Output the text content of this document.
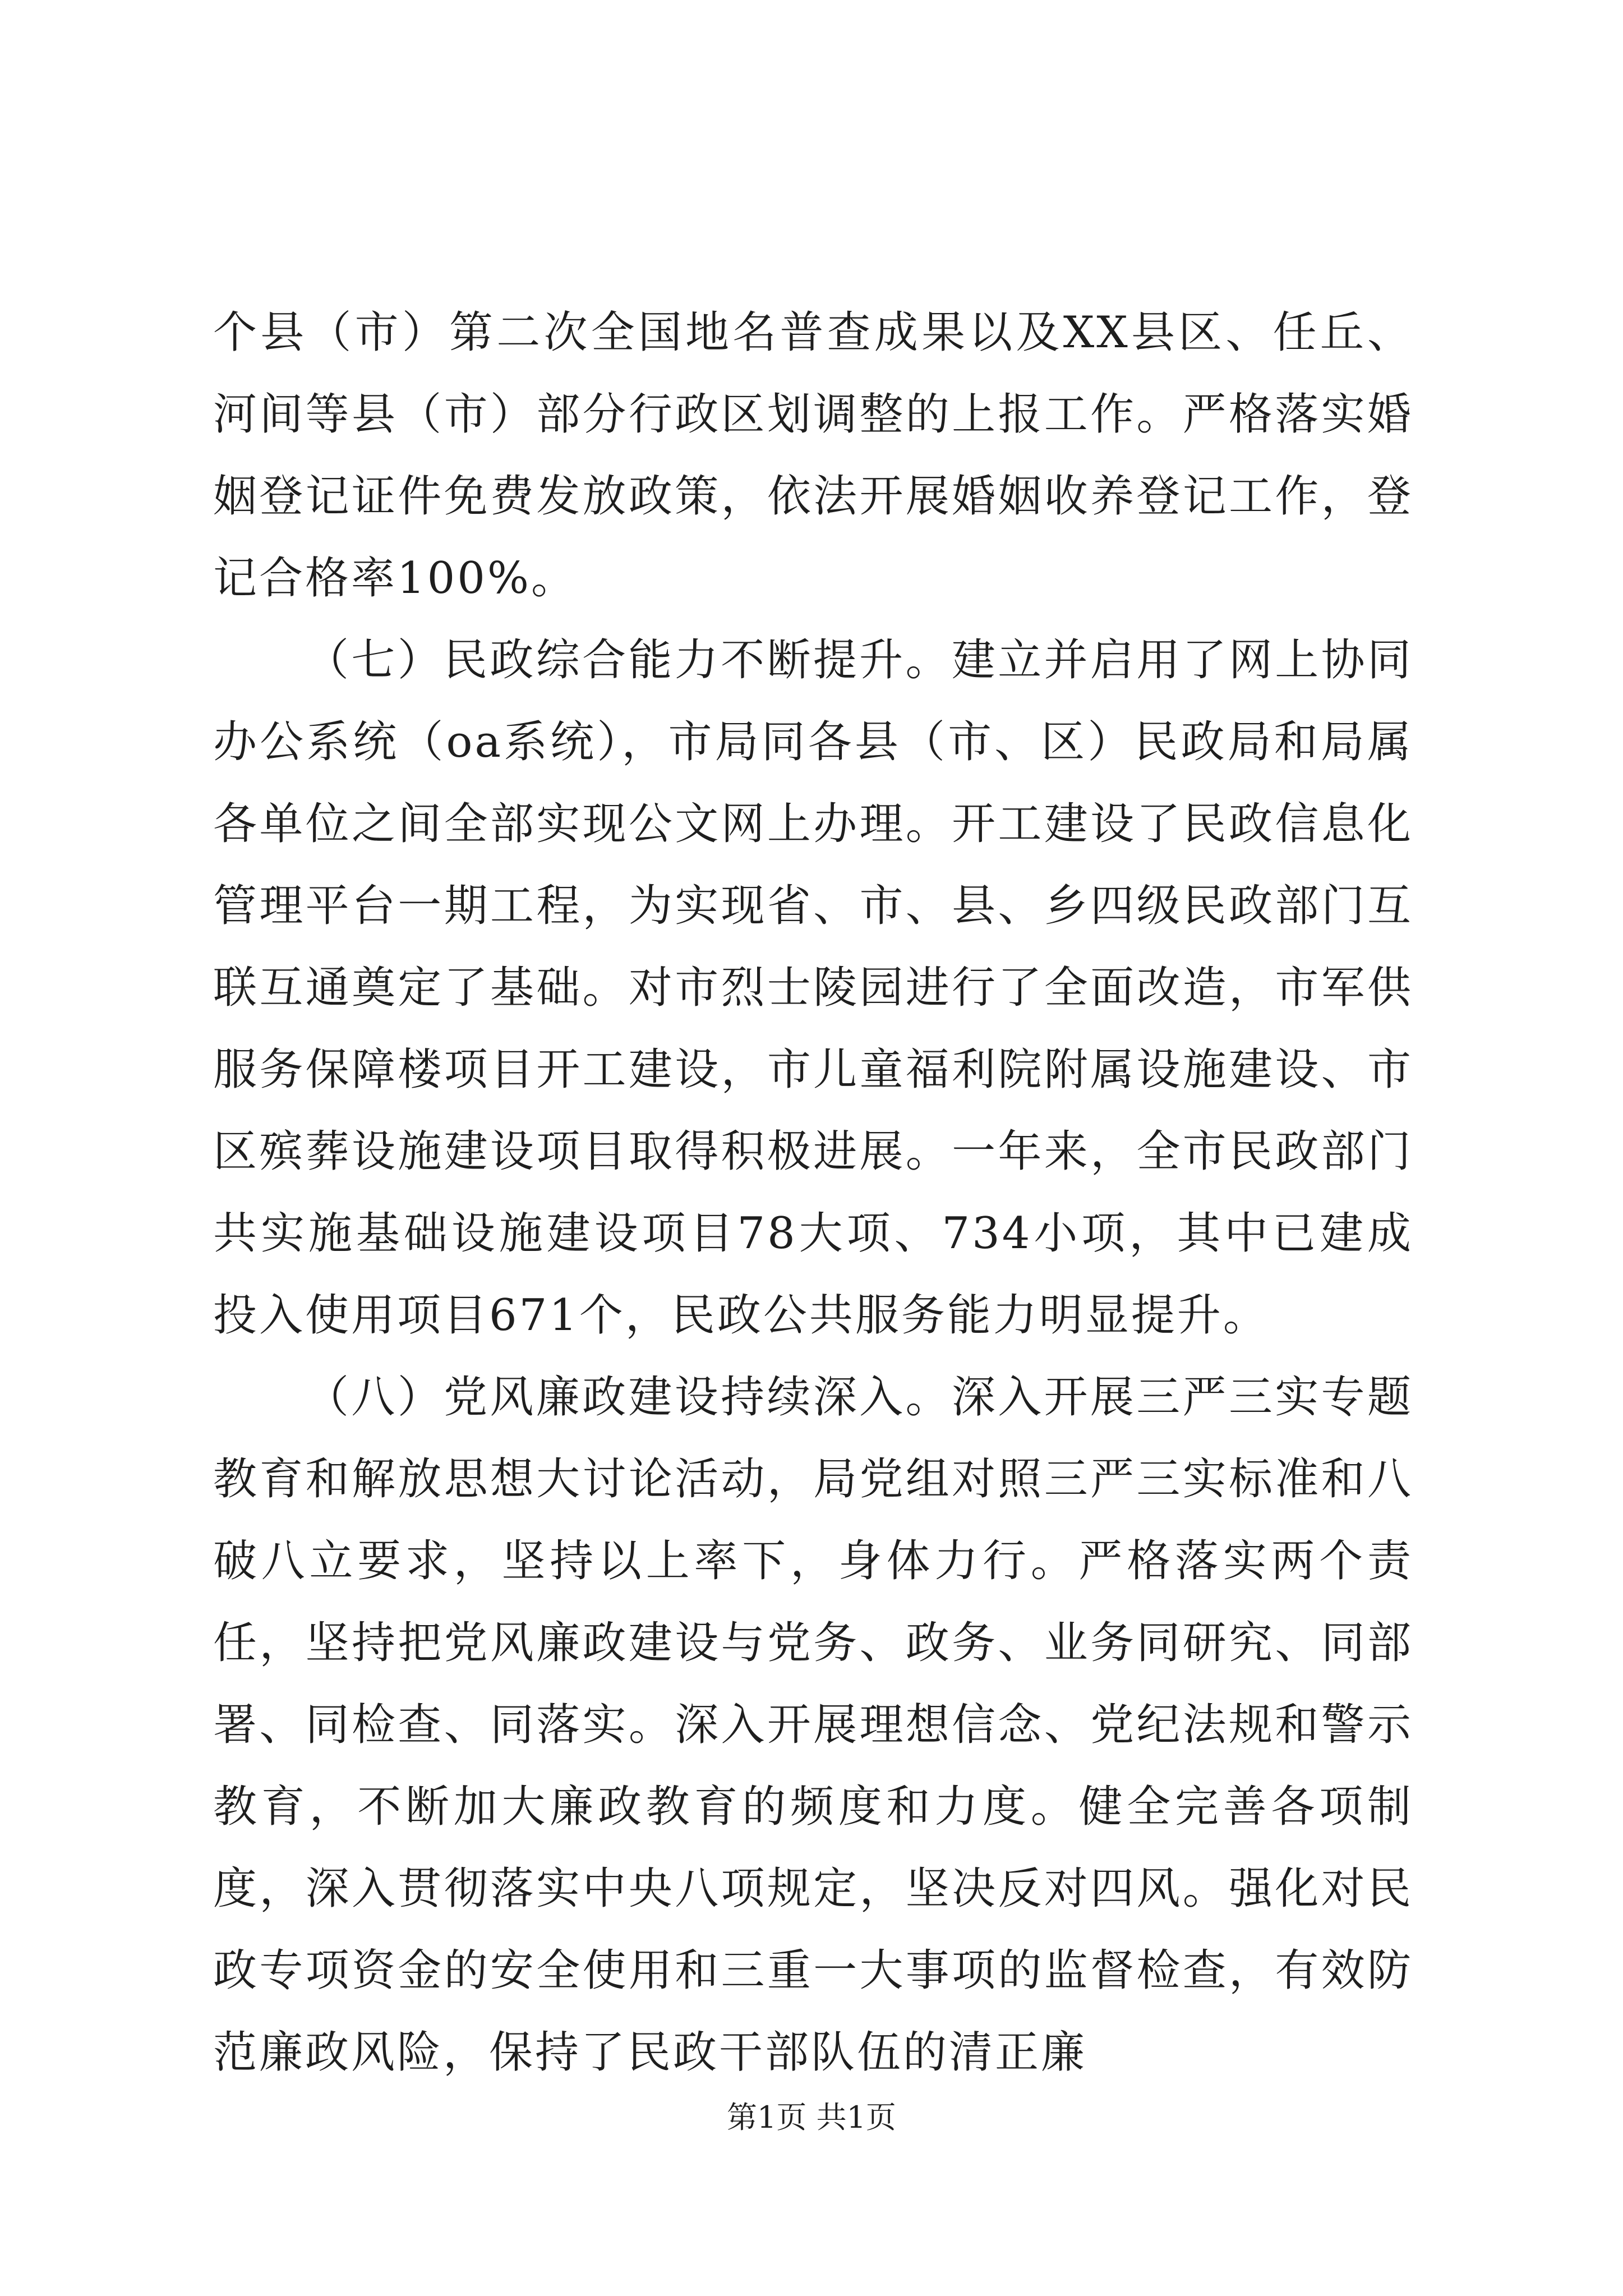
个县（市）第二次全国地名普查成果以及XX县区、任丘、河间等县（市）部分行政区划调整的上报工作。严格落实婚姻登记证件免费发放政策，依法开展婚姻收养登记工作，登记合格率100%。

（七）民政综合能力不断提升。建立并启用了网上协同办公系统（oa系统），市局同各县（市、区）民政局和局属各单位之间全部实现公文网上办理。开工建设了民政信息化管理平台一期工程，为实现省、市、县、乡四级民政部门互联互通奠定了基础。对市烈士陵园进行了全面改造，市军供服务保障楼项目开工建设，市儿童福利院附属设施建设、市区殡葬设施建设项目取得积极进展。一年来，全市民政部门共实施基础设施建设项目78大项、734小项，其中已建成投入使用项目671个，民政公共服务能力明显提升。

（八）党风廉政建设持续深入。深入开展三严三实专题教育和解放思想大讨论活动，局党组对照三严三实标准和八破八立要求，坚持以上率下，身体力行。严格落实两个责任，坚持把党风廉政建设与党务、政务、业务同研究、同部署、同检查、同落实。深入开展理想信念、党纪法规和警示教育，不断加大廉政教育的频度和力度。健全完善各项制度，深入贯彻落实中央八项规定，坚决反对四风。强化对民政专项资金的安全使用和三重一大事项的监督检查，有效防范廉政风险，保持了民政干部队伍的清正廉

第1页 共1页
